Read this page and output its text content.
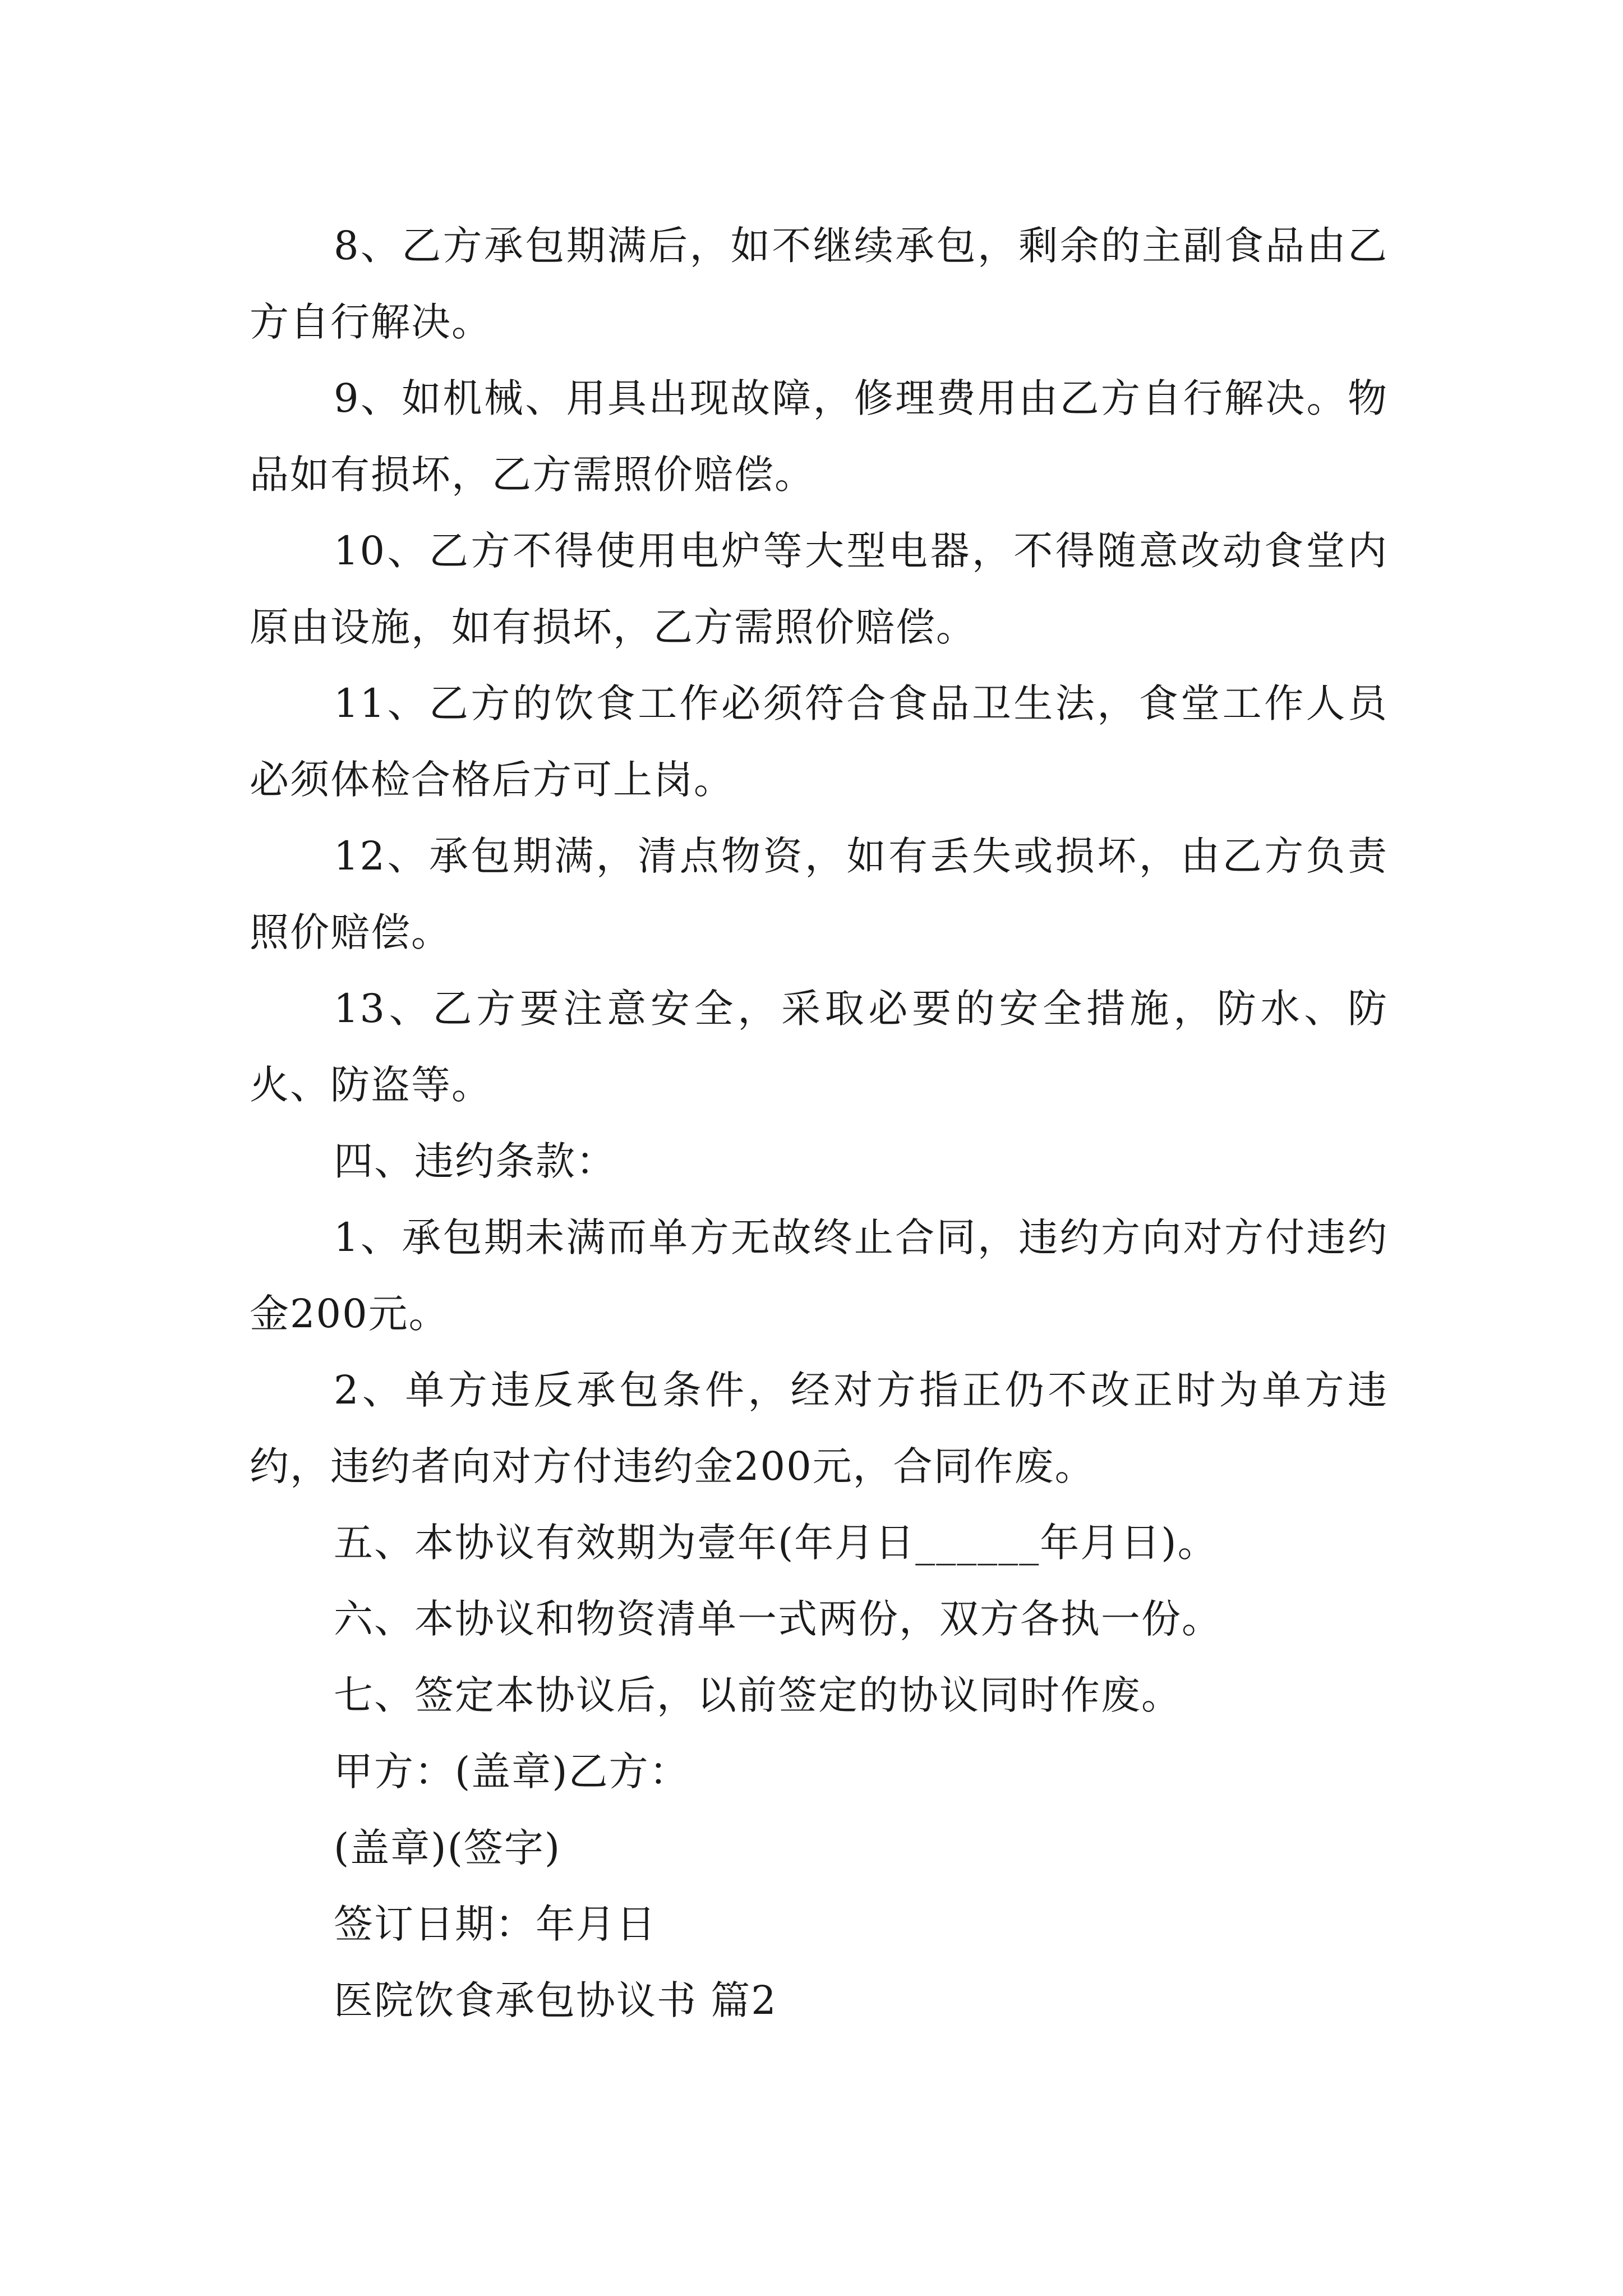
8、乙方承包期满后，如不继续承包，剩余的主副食品由乙方自行解决。

9、如机械、用具出现故障，修理费用由乙方自行解决。物品如有损坏，乙方需照价赔偿。

10、乙方不得使用电炉等大型电器，不得随意改动食堂内原由设施，如有损坏，乙方需照价赔偿。

11、乙方的饮食工作必须符合食品卫生法，食堂工作人员必须体检合格后方可上岗。

12、承包期满，清点物资，如有丢失或损坏，由乙方负责照价赔偿。

13、乙方要注意安全，采取必要的安全措施，防水、防火、防盗等。

四、违约条款：

1、承包期未满而单方无故终止合同，违约方向对方付违约金200元。

2、单方违反承包条件，经对方指正仍不改正时为单方违约，违约者向对方付违约金200元，合同作废。

五、本协议有效期为壹年(年月日______年月日)。

六、本协议和物资清单一式两份，双方各执一份。

七、签定本协议后，以前签定的协议同时作废。

甲方：(盖章)乙方：

(盖章)(签字)

签订日期：年月日

医院饮食承包协议书 篇2
